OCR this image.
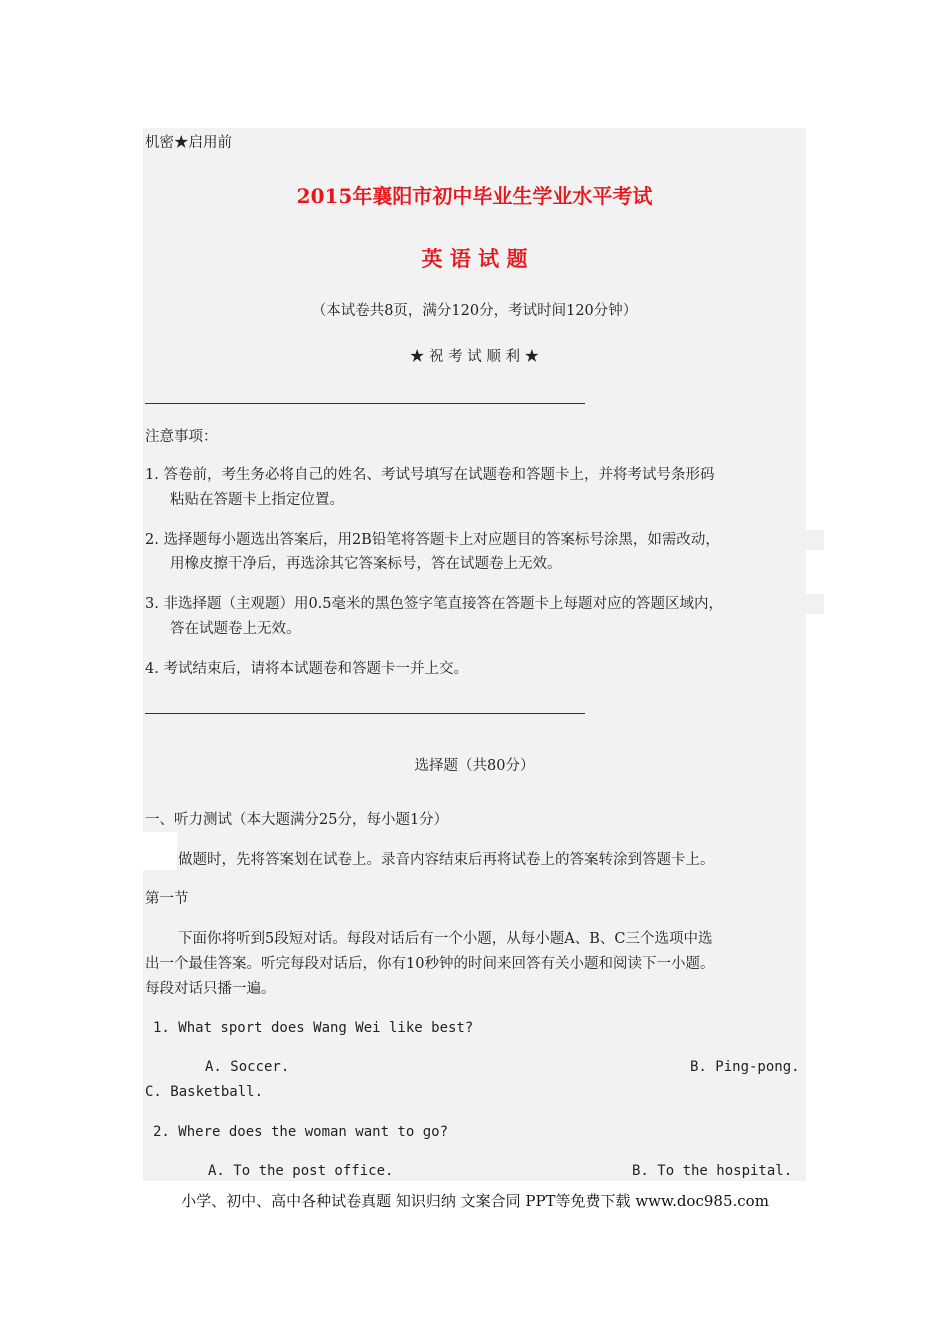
机密★启用前
2015年襄阳市初中毕业生学业水平考试
英 语 试 题
（本试卷共8页，满分120分，考试时间120分钟）
★ 祝 考 试 顺 利 ★
注意事项：
1. 答卷前，考生务必将自己的姓名、考试号填写在试题卷和答题卡上，并将考试号条形码
粘贴在答题卡上指定位置。
2. 选择题每小题选出答案后，用2B铅笔将答题卡上对应题目的答案标号涂黑，如需改动，
用橡皮擦干净后，再选涂其它答案标号，答在试题卷上无效。
3. 非选择题（主观题）用0.5毫米的黑色签字笔直接答在答题卡上每题对应的答题区域内，
答在试题卷上无效。
4. 考试结束后，请将本试题卷和答题卡一并上交。
选择题（共80分）
一、听力测试（本大题满分25分，每小题1分）
做题时，先将答案划在试卷上。录音内容结束后再将试卷上的答案转涂到答题卡上。
第一节
下面你将听到5段短对话。每段对话后有一个小题，从每小题A、B、C三个选项中选
出一个最佳答案。听完每段对话后，你有10秒钟的时间来回答有关小题和阅读下一小题。
每段对话只播一遍。
1. What sport does Wang Wei like best?
A. Soccer.	B. Ping-pong.
C. Basketball.
2. Where does the woman want to go?
A. To the post office.	B. To the hospital.
小学、初中、高中各种试卷真题 知识归纳 文案合同 PPT等免费下载 www.doc985.com
